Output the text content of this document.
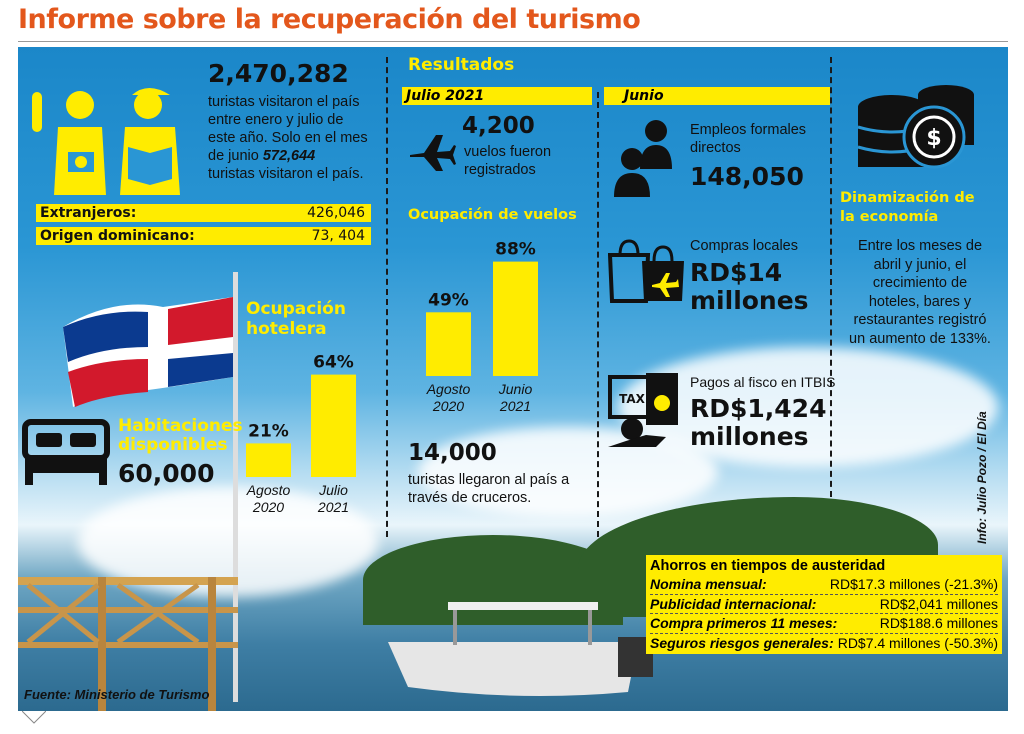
Informe sobre la recuperación del turismo
2,470,282
turistas visitaron el país
entre enero y julio de
este año. Solo en el mes
de junio 572,644
turistas visitaron el país.
Extranjeros:	426,046
Origen dominicano:	73, 404
Ocupación
hotelera
21%
Agosto
2020
64%
Julio
2021
Habitaciones
disponibles
60,000
Resultados
Julio 2021	Junio
4,200
vuelos fueron
registrados
Ocupación de vuelos
49%
Agosto
2020
88%
Junio
2021
14,000
turistas llegaron al país a
través de cruceros.
Empleos formales
directos
148,050
Compras locales
RD$14
millones
TAX
Pagos al fisco en ITBIS
RD$1,424
millones
$
Dinamización de
la economía
Entre los meses de
abril y junio, el
crecimiento de
hoteles, bares y
restaurantes registró
un aumento de 133%.
Info: Julio Pozo / El Día
Ahorros en tiempos de austeridad
Nomina mensual:	RD$17.3 millones (-21.3%)
Publicidad internacional:	RD$2,041 millones
Compra primeros 11 meses:	RD$188.6 millones
Seguros riesgos generales: RD$7.4 millones (-50.3%)
Fuente: Ministerio de Turismo
